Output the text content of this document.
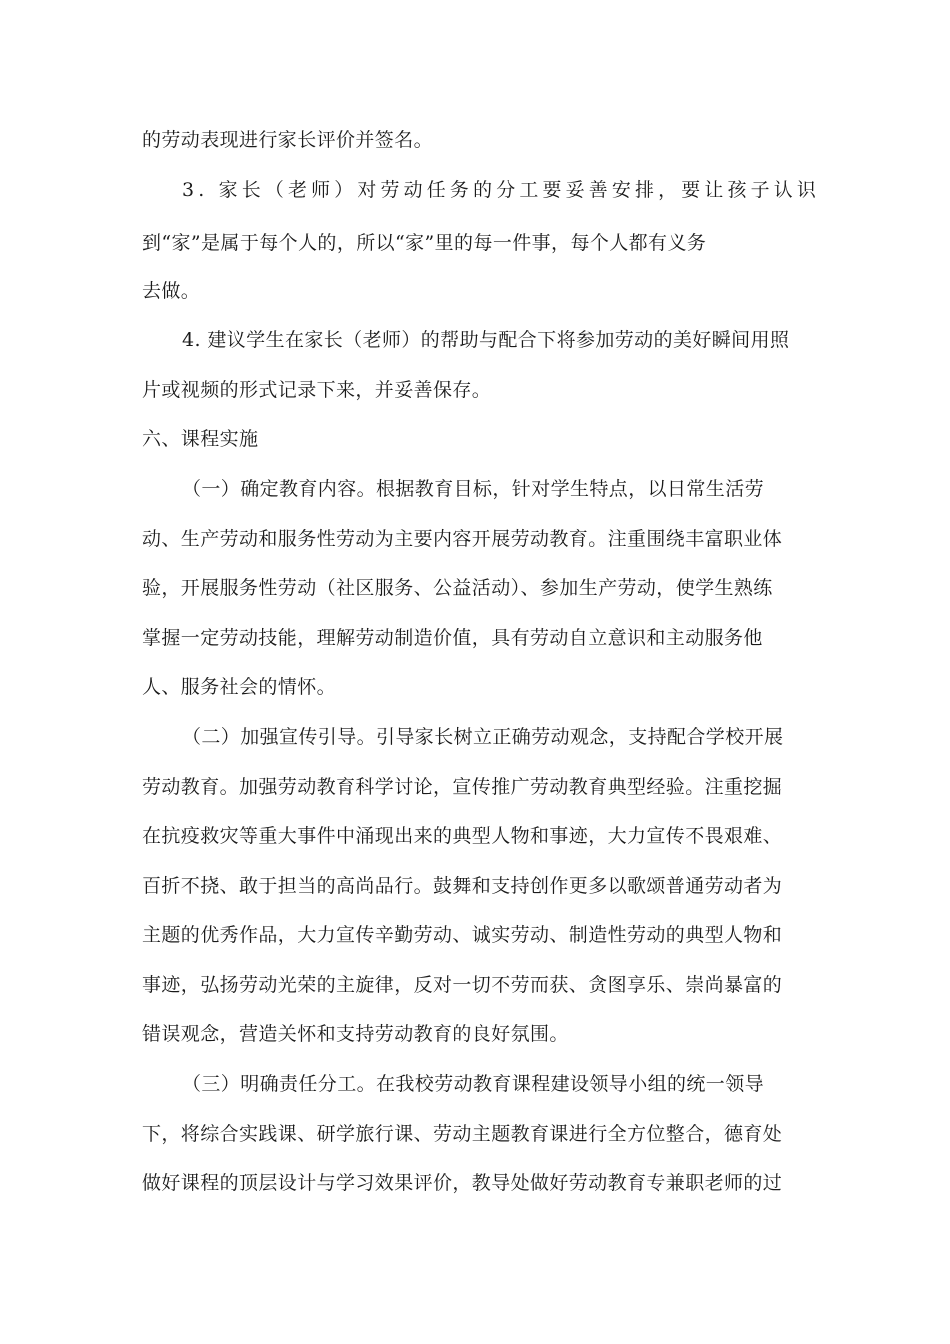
的劳动表现进行家长评价并签名。
3. 家长（老师）对劳动任务的分工要妥善安排，要让孩子认识
到“家”是属于每个人的，所以“家”里的每一件事，每个人都有义务
去做。
4. 建议学生在家长（老师）的帮助与配合下将参加劳动的美好瞬间用照
片或视频的形式记录下来，并妥善保存。
六、课程实施
（一）确定教育内容。根据教育目标，针对学生特点，以日常生活劳
动、生产劳动和服务性劳动为主要内容开展劳动教育。注重围绕丰富职业体
验，开展服务性劳动（社区服务、公益活动）、参加生产劳动，使学生熟练
掌握一定劳动技能，理解劳动制造价值，具有劳动自立意识和主动服务他
人、服务社会的情怀。
（二）加强宣传引导。引导家长树立正确劳动观念，支持配合学校开展
劳动教育。加强劳动教育科学讨论，宣传推广劳动教育典型经验。注重挖掘
在抗疫救灾等重大事件中涌现出来的典型人物和事迹，大力宣传不畏艰难、
百折不挠、敢于担当的高尚品行。鼓舞和支持创作更多以歌颂普通劳动者为
主题的优秀作品，大力宣传辛勤劳动、诚实劳动、制造性劳动的典型人物和
事迹，弘扬劳动光荣的主旋律，反对一切不劳而获、贪图享乐、崇尚暴富的
错误观念，营造关怀和支持劳动教育的良好氛围。
（三）明确责任分工。在我校劳动教育课程建设领导小组的统一领导
下，将综合实践课、研学旅行课、劳动主题教育课进行全方位整合，德育处
做好课程的顶层设计与学习效果评价，教导处做好劳动教育专兼职老师的过
